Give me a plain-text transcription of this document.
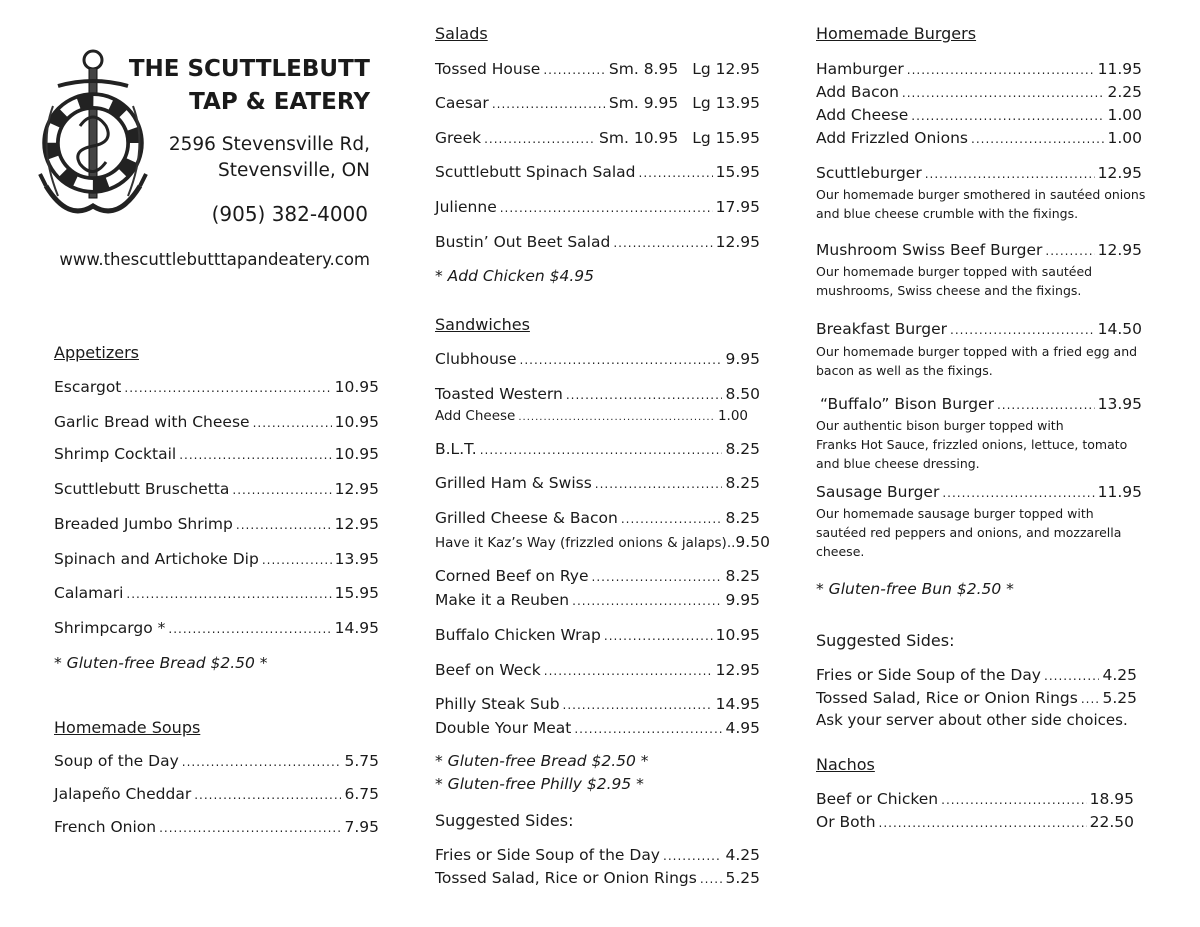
THE SCUTTLEBUTT
TAP & EATERY
2596 Stevensville Rd,
Stevensville, ON
(905) 382-4000
www.thescuttlebutttapandeatery.com
Appetizers
Escargot .....	10.95
Garlic Bread with Cheese .....	10.95
Shrimp Cocktail .....	10.95
Scuttlebutt Bruschetta .....	12.95
Breaded Jumbo Shrimp .....	12.95
Spinach and Artichoke Dip .....	13.95
Calamari .....	15.95
Shrimpcargo * .....	14.95
* Gluten-free Bread $2.50 *
Homemade Soups
Soup of the Day .....	5.75
Jalapeño Cheddar .....	6.75
French Onion .....	7.95
Salads
Tossed House .....	Sm. 8.95 Lg 12.95
Caesar .....	Sm. 9.95 Lg 13.95
Greek .....	Sm. 10.95 Lg 15.95
Scuttlebutt Spinach Salad .....	15.95
Julienne .....	17.95
Bustin’ Out Beet Salad .....	12.95
* Add Chicken $4.95
Sandwiches
Clubhouse .....	9.95
Toasted Western .....	8.50
Add Cheese .....	1.00
B.L.T. .....	8.25
Grilled Ham & Swiss .....	8.25
Grilled Cheese & Bacon .....	8.25
Have it Kaz’s Way (frizzled onions & jalaps).. 9.50
Corned Beef on Rye .....	8.25
Make it a Reuben .....	9.95
Buffalo Chicken Wrap .....	10.95
Beef on Weck .....	12.95
Philly Steak Sub .....	14.95
Double Your Meat .....	4.95
* Gluten-free Bread $2.50 *
* Gluten-free Philly $2.95 *
Suggested Sides:
Fries or Side Soup of the Day .....	4.25
Tossed Salad, Rice or Onion Rings ..... 5.25
Homemade Burgers
Hamburger .....	11.95
Add Bacon .....	2.25
Add Cheese .....	1.00
Add Frizzled Onions .....	1.00
Scuttleburger .....	12.95
Our homemade burger smothered in sautéed onions
and blue cheese crumble with the fixings.
Mushroom Swiss Beef Burger .....	12.95
Our homemade burger topped with sautéed
mushrooms, Swiss cheese and the fixings.
Breakfast Burger .....	14.50
Our homemade burger topped with a fried egg and
bacon as well as the fixings.
“Buffalo” Bison Burger .....	13.95
Our authentic bison burger topped with
Franks Hot Sauce, frizzled onions, lettuce, tomato
and blue cheese dressing.
Sausage Burger .....	11.95
Our homemade sausage burger topped with
sautéed red peppers and onions, and mozzarella
cheese.
* Gluten-free Bun $2.50 *
Suggested Sides:
Fries or Side Soup of the Day .....	4.25
Tossed Salad, Rice or Onion Rings ..... 5.25
Ask your server about other side choices.
Nachos
Beef or Chicken .....	18.95
Or Both .....	22.50
